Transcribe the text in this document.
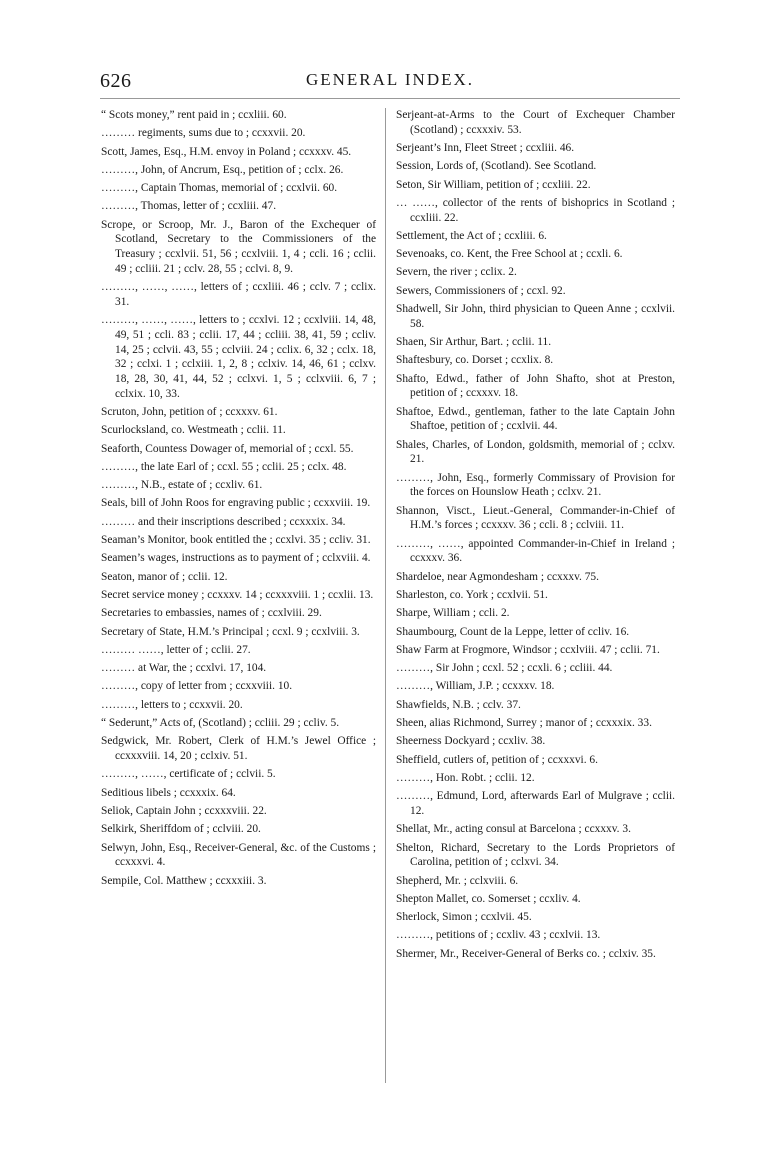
626	GENERAL INDEX.

“ Scots money,” rent paid in ; ccxliii. 60.

……… regiments, sums due to ; ccxxvii. 20.

Scott, James, Esq., H.M. envoy in Poland ; ccxxxv. 45.

………, John, of Ancrum, Esq., petition of ; cclx. 26.

………, Captain Thomas, memorial of ; ccxlvii. 60.

………, Thomas, letter of ; ccxliii. 47.

Scrope, or Scroop, Mr. J., Baron of the Exchequer of Scotland, Secretary to the Commissioners of the Treasury ; ccxlvii. 51, 56 ; ccxlviii. 1, 4 ; ccli. 16 ; cclii. 49 ; ccliii. 21 ; cclv. 28, 55 ; cclvi. 8, 9.

………, ……, ……, letters of ; ccxliii. 46 ; cclv. 7 ; cclix. 31.

………, ……, ……, letters to ; ccxlvi. 12 ; ccxlviii. 14, 48, 49, 51 ; ccli. 83 ; cclii. 17, 44 ; ccliii. 38, 41, 59 ; ccliv. 14, 25 ; cclvii. 43, 55 ; cclviii. 24 ; cclix. 6, 32 ; cclx. 18, 32 ; cclxi. 1 ; cclxiii. 1, 2, 8 ; cclxiv. 14, 46, 61 ; cclxv. 18, 28, 30, 41, 44, 52 ; cclxvi. 1, 5 ; cclxviii. 6, 7 ; cclxix. 10, 33.

Scruton, John, petition of ; ccxxxv. 61.

Scurlocksland, co. Westmeath ; cclii. 11.

Seaforth, Countess Dowager of, memorial of ; ccxl. 55.

………, the late Earl of ; ccxl. 55 ; cclii. 25 ; cclx. 48.

………, N.B., estate of ; ccxliv. 61.

Seals, bill of John Roos for engraving public ; ccxxviii. 19.

……… and their inscriptions described ; ccxxxix. 34.

Seaman’s Monitor, book entitled the ; ccxlvi. 35 ; ccliv. 31.

Seamen’s wages, instructions as to payment of ; cclxviii. 4.

Seaton, manor of ; cclii. 12.

Secret service money ; ccxxxv. 14 ; ccxxxviii. 1 ; ccxlii. 13.

Secretaries to embassies, names of ; ccxlviii. 29.

Secretary of State, H.M.’s Principal ; ccxl. 9 ; ccxlviii. 3.

……… ……, letter of ; cclii. 27.

……… at War, the ; ccxlvi. 17, 104.

………, copy of letter from ; ccxxviii. 10.

………, letters to ; ccxxvii. 20.

“ Sederunt,” Acts of, (Scotland) ; ccliii. 29 ; ccliv. 5.

Sedgwick, Mr. Robert, Clerk of H.M.’s Jewel Office ; ccxxxviii. 14, 20 ; cclxiv. 51.

………, ……, certificate of ; cclvii. 5.

Seditious libels ; ccxxxix. 64.

Seliok, Captain John ; ccxxxviii. 22.

Selkirk, Sheriffdom of ; cclviii. 20.

Selwyn, John, Esq., Receiver-General, &c. of the Customs ; ccxxxvi. 4.

Sempile, Col. Matthew ; ccxxxiii. 3.

Serjeant-at-Arms to the Court of Exchequer Chamber (Scotland) ; ccxxxiv. 53.

Serjeant’s Inn, Fleet Street ; ccxliii. 46.

Session, Lords of, (Scotland). See Scotland.

Seton, Sir William, petition of ; ccxliii. 22.

… ……, collector of the rents of bishoprics in Scotland ; ccxliii. 22.

Settlement, the Act of ; ccxliii. 6.

Sevenoaks, co. Kent, the Free School at ; ccxli. 6.

Severn, the river ; cclix. 2.

Sewers, Commissioners of ; ccxl. 92.

Shadwell, Sir John, third physician to Queen Anne ; ccxlvii. 58.

Shaen, Sir Arthur, Bart. ; cclii. 11.

Shaftesbury, co. Dorset ; ccxlix. 8.

Shafto, Edwd., father of John Shafto, shot at Preston, petition of ; ccxxxv. 18.

Shaftoe, Edwd., gentleman, father to the late Captain John Shaftoe, petition of ; ccxlvii. 44.

Shales, Charles, of London, goldsmith, memorial of ; cclxv. 21.

………, John, Esq., formerly Commissary of Provision for the forces on Hounslow Heath ; cclxv. 21.

Shannon, Visct., Lieut.-General, Commander-in-Chief of H.M.’s forces ; ccxxxv. 36 ; ccli. 8 ; cclviii. 11.

………, ……, appointed Commander-in-Chief in Ireland ; ccxxxv. 36.

Shardeloe, near Agmondesham ; ccxxxv. 75.

Sharleston, co. York ; ccxlvii. 51.

Sharpe, William ; ccli. 2.

Shaumbourg, Count de la Leppe, letter of ccliv. 16.

Shaw Farm at Frogmore, Windsor ; ccxlviii. 47 ; cclii. 71.

………, Sir John ; ccxl. 52 ; ccxli. 6 ; ccliii. 44.

………, William, J.P. ; ccxxxv. 18.

Shawfields, N.B. ; cclv. 37.

Sheen, alias Richmond, Surrey ; manor of ; ccxxxix. 33.

Sheerness Dockyard ; ccxliv. 38.

Sheffield, cutlers of, petition of ; ccxxxvi. 6.

………, Hon. Robt. ; cclii. 12.

………, Edmund, Lord, afterwards Earl of Mulgrave ; cclii. 12.

Shellat, Mr., acting consul at Barcelona ; ccxxxv. 3.

Shelton, Richard, Secretary to the Lords Proprietors of Carolina, petition of ; cclxvi. 34.

Shepherd, Mr. ; cclxviii. 6.

Shepton Mallet, co. Somerset ; ccxliv. 4.

Sherlock, Simon ; ccxlvii. 45.

………, petitions of ; ccxliv. 43 ; ccxlvii. 13.

Shermer, Mr., Receiver-General of Berks co. ; cclxiv. 35.
